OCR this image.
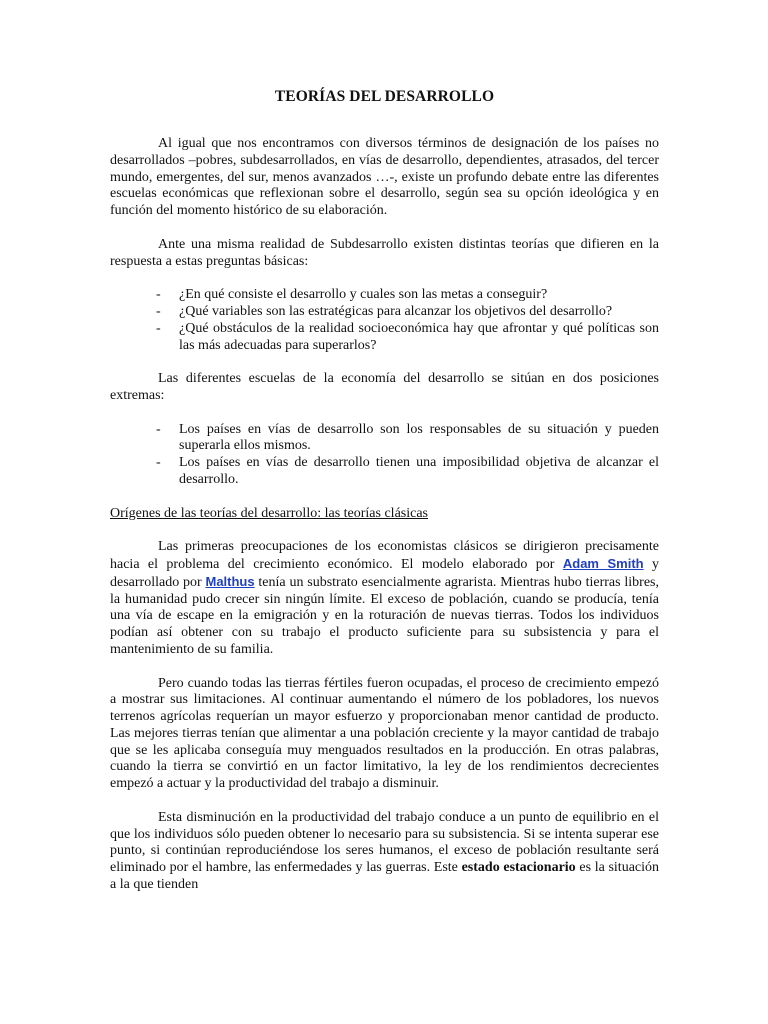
TEORÍAS DEL DESARROLLO

Al igual que nos encontramos con diversos términos de designación de los países no desarrollados –pobres, subdesarrollados, en vías de desarrollo, dependientes, atrasados, del tercer mundo, emergentes, del sur, menos avanzados …-, existe un profundo debate entre las diferentes escuelas económicas que reflexionan sobre el desarrollo, según sea su opción ideológica y en función del momento histórico de su elaboración.

Ante una misma realidad de Subdesarrollo existen distintas teorías que difieren en la respuesta a estas preguntas básicas:

- ¿En qué consiste el desarrollo y cuales son las metas a conseguir?
- ¿Qué variables son las estratégicas para alcanzar los objetivos del desarrollo?
- ¿Qué obstáculos de la realidad socioeconómica hay que afrontar y qué políticas son las más adecuadas para superarlos?

Las diferentes escuelas de la economía del desarrollo se sitúan en dos posiciones extremas:

- Los países en vías de desarrollo son los responsables de su situación y pueden superarla ellos mismos.
- Los países en vías de desarrollo tienen una imposibilidad objetiva de alcanzar el desarrollo.

Orígenes de las teorías del desarrollo: las teorías clásicas

Las primeras preocupaciones de los economistas clásicos se dirigieron precisamente hacia el problema del crecimiento económico. El modelo elaborado por Adam Smith y desarrollado por Malthus tenía un substrato esencialmente agrarista. Mientras hubo tierras libres, la humanidad pudo crecer sin ningún límite. El exceso de población, cuando se producía, tenía una vía de escape en la emigración y en la roturación de nuevas tierras. Todos los individuos podían así obtener con su trabajo el producto suficiente para su subsistencia y para el mantenimiento de su familia.

Pero cuando todas las tierras fértiles fueron ocupadas, el proceso de crecimiento empezó a mostrar sus limitaciones. Al continuar aumentando el número de los pobladores, los nuevos terrenos agrícolas requerían un mayor esfuerzo y proporcionaban menor cantidad de producto. Las mejores tierras tenían que alimentar a una población creciente y la mayor cantidad de trabajo que se les aplicaba conseguía muy menguados resultados en la producción. En otras palabras, cuando la tierra se convirtió en un factor limitativo, la ley de los rendimientos decrecientes empezó a actuar y la productividad del trabajo a disminuir.

Esta disminución en la productividad del trabajo conduce a un punto de equilibrio en el que los individuos sólo pueden obtener lo necesario para su subsistencia. Si se intenta superar ese punto, si continúan reproduciéndose los seres humanos, el exceso de población resultante será eliminado por el hambre, las enfermedades y las guerras. Este estado estacionario es la situación a la que tienden
